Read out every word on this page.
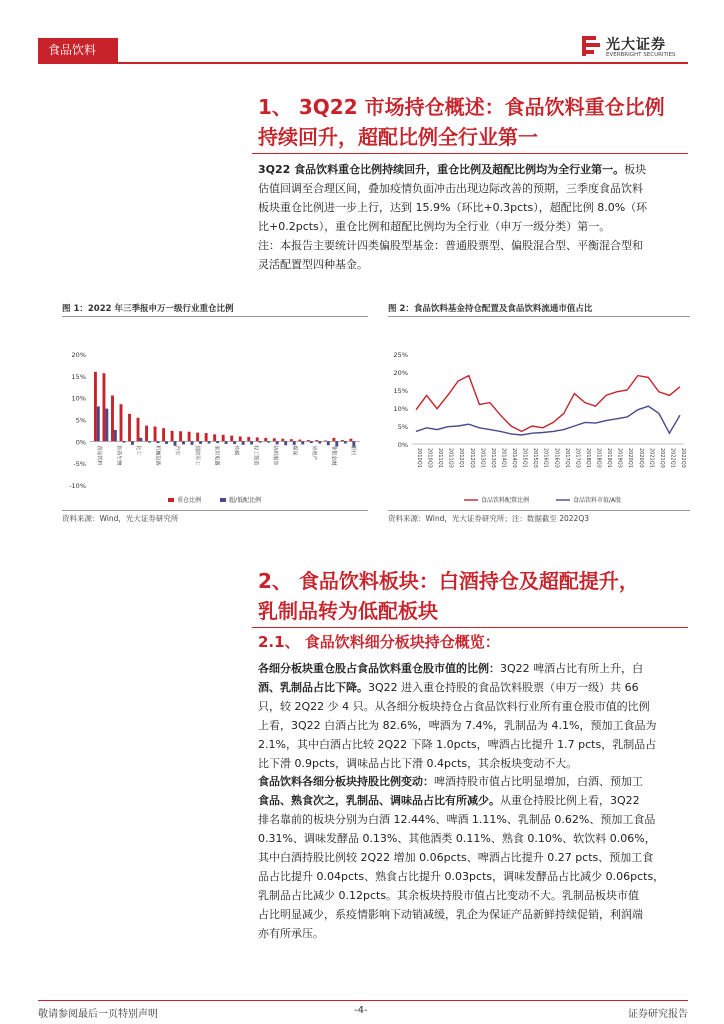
食品饮料	光大证券
EVERBRIGHT SECURITIES
1、 3Q22 市场持仓概述：食品饮料重仓比例
持续回升，超配比例全行业第一
3Q22 食品饮料重仓比例持续回升，重仓比例及超配比例均为全行业第一。板块
估值回调至合理区间，叠加疫情负面冲击出现边际改善的预期，三季度食品饮料
板块重仓比例进一步上行，达到 15.9%（环比+0.3pcts），超配比例 8.0%（环
比+0.2pcts），重仓比例和超配比例均为全行业（申万一级分类）第一。
注：本报告主要统计四类偏股型基金：普通股票型、偏股混合型、平衡混合型和
灵活配置型四种基金。
图 1：2022 年三季报申万一级行业重仓比例
20%
15%
10%
5%
0%
-5%
-10%
食品饮料	医药生物	化工	机械设备	汽车	国防军工	家用电器	传媒	轻工制造	纺织服饰	煤炭	房地产	非银金融	银行
重仓比例	超/低配比例
资料来源：Wind，光大证券研究所
图 2：食品饮料基金持仓配置及食品饮料流通市值占比
25%
20%
15%
10%
5%
0%
2010Q1 2010Q3 2011Q1 2011Q3 2012Q1 2012Q3 2013Q1 2013Q3 2014Q1 2014Q3 2015Q1 2015Q3 2016Q1 2016Q3 2017Q1 2017Q3 2018Q1 2018Q3 2019Q1 2019Q3 2020Q1 2020Q3 2021Q1 2021Q3 2022Q1 2022Q3
食品饮料配置比例	食品饮料市值/A股
资料来源：Wind，光大证券研究所；注：数据截至 2022Q3
2、 食品饮料板块：白酒持仓及超配提升，
乳制品转为低配板块
2.1、 食品饮料细分板块持仓概览：
各细分板块重仓股占食品饮料重仓股市值的比例：3Q22 啤酒占比有所上升，白
酒、乳制品占比下降。3Q22 进入重仓持股的食品饮料股票（申万一级）共 66
只，较 2Q22 少 4 只。从各细分板块持仓占食品饮料行业所有重仓股市值的比例
上看，3Q22 白酒占比为 82.6%，啤酒为 7.4%，乳制品为 4.1%，预加工食品为
2.1%，其中白酒占比较 2Q22 下降 1.0pcts，啤酒占比提升 1.7 pcts，乳制品占
比下滑 0.9pcts，调味品占比下滑 0.4pcts，其余板块变动不大。
食品饮料各细分板块持股比例变动：啤酒持股市值占比明显增加，白酒、预加工
食品、熟食次之，乳制品、调味品占比有所减少。从重仓持股比例上看，3Q22
排名靠前的板块分别为白酒 12.44%、啤酒 1.11%、乳制品 0.62%、预加工食品
0.31%、调味发酵品 0.13%、其他酒类 0.11%、熟食 0.10%、软饮料 0.06%，
其中白酒持股比例较 2Q22 增加 0.06pcts、啤酒占比提升 0.27 pcts、预加工食
品占比提升 0.04pcts、熟食占比提升 0.03pcts，调味发酵品占比减少 0.06pcts，
乳制品占比减少 0.12pcts。其余板块持股市值占比变动不大。乳制品板块市值
占比明显减少，系疫情影响下动销减缓，乳企为保证产品新鲜持续促销，利润端
亦有所承压。
敬请参阅最后一页特别声明	-4-	证券研究报告
